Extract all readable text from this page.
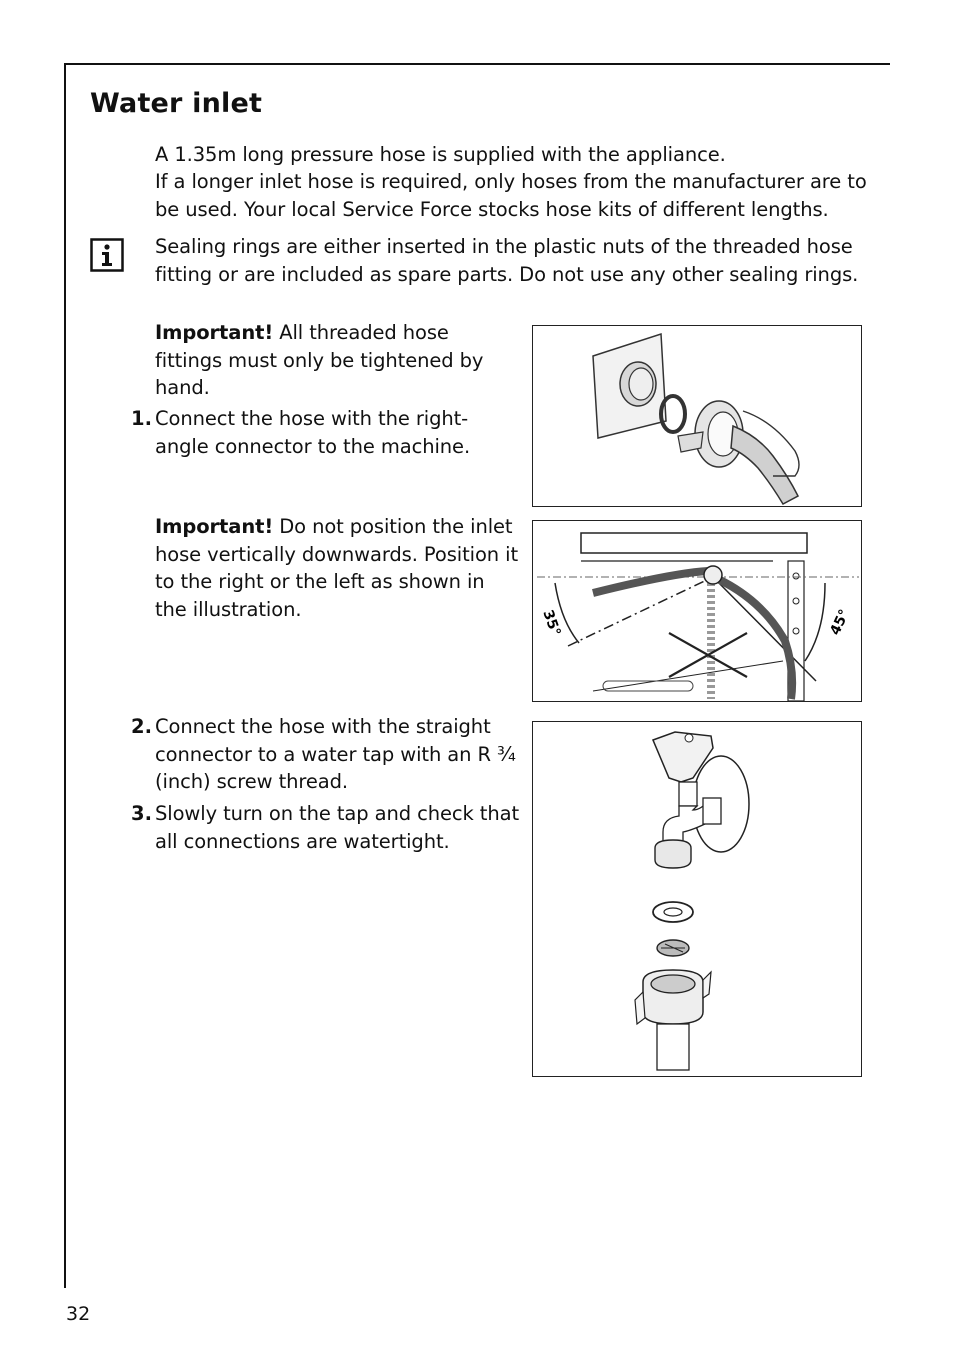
Water inlet

A 1.35m long pressure hose is supplied with the appliance.

If a longer inlet hose is required, only hoses from the manufacturer are to be used. Your local Service Force stocks hose kits of different lengths.

Sealing rings are either inserted in the plastic nuts of the threaded hose fitting or are included as spare parts. Do not use any other sealing rings.

Important! All threaded hose fittings must only be tightened by hand.

1. Connect the hose with the right-angle connector to the machine.

Important! Do not position the inlet hose vertically downwards. Position it to the right or the left as shown in the illustration.

2. Connect the hose with the straight connector to a water tap with an R ¾ (inch) screw thread.

3. Slowly turn on the tap and check that all connections are watertight.

35°	45°
32
